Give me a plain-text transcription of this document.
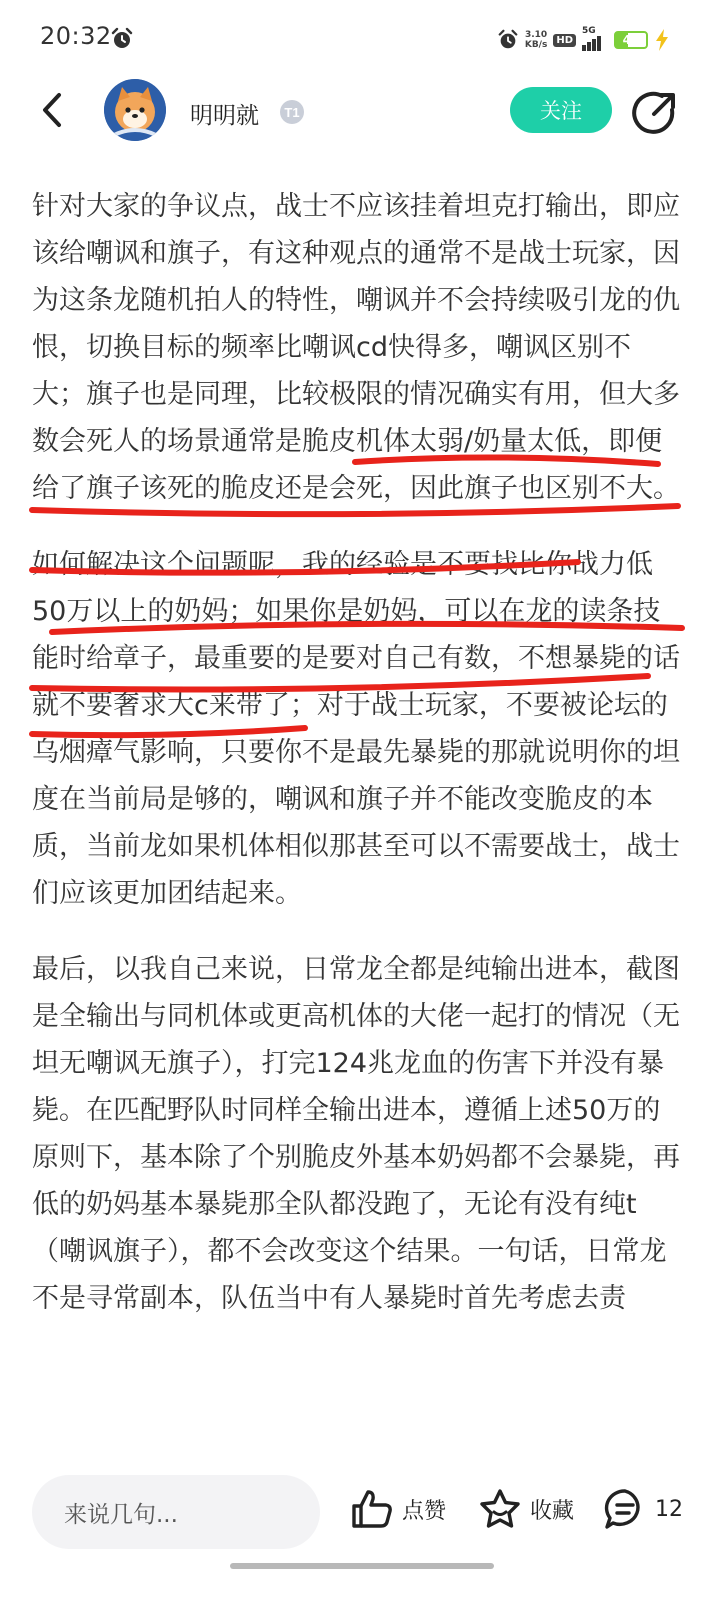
20:32	3.10
KB/s HD
5G
40
明明就 T1	关注

针对大家的争议点，战士不应该挂着坦克打输出，即应该给嘲讽和旗子，有这种观点的通常不是战士玩家，因为这条龙随机拍人的特性，嘲讽并不会持续吸引龙的仇恨，切换目标的频率比嘲讽cd快得多，嘲讽区别不大；旗子也是同理，比较极限的情况确实有用，但大多数会死人的场景通常是脆皮机体太弱/奶量太低，即便给了旗子该死的脆皮还是会死，因此旗子也区别不大。

如何解决这个问题呢，我的经验是不要找比你战力低50万以上的奶妈；如果你是奶妈，可以在龙的读条技能时给章子，最重要的是要对自己有数，不想暴毙的话就不要奢求大c来带了；对于战士玩家，不要被论坛的乌烟瘴气影响，只要你不是最先暴毙的那就说明你的坦度在当前局是够的，嘲讽和旗子并不能改变脆皮的本质，当前龙如果机体相似那甚至可以不需要战士，战士们应该更加团结起来。

最后，以我自己来说，日常龙全都是纯输出进本，截图是全输出与同机体或更高机体的大佬一起打的情况（无坦无嘲讽无旗子），打完124兆龙血的伤害下并没有暴毙。在匹配野队时同样全输出进本，遵循上述50万的原则下，基本除了个别脆皮外基本奶妈都不会暴毙，再低的奶妈基本暴毙那全队都没跑了，无论有没有纯t（嘲讽旗子），都不会改变这个结果。一句话，日常龙不是寻常副本，队伍当中有人暴毙时首先考虑去责

来说几句...	点赞	收藏	12
